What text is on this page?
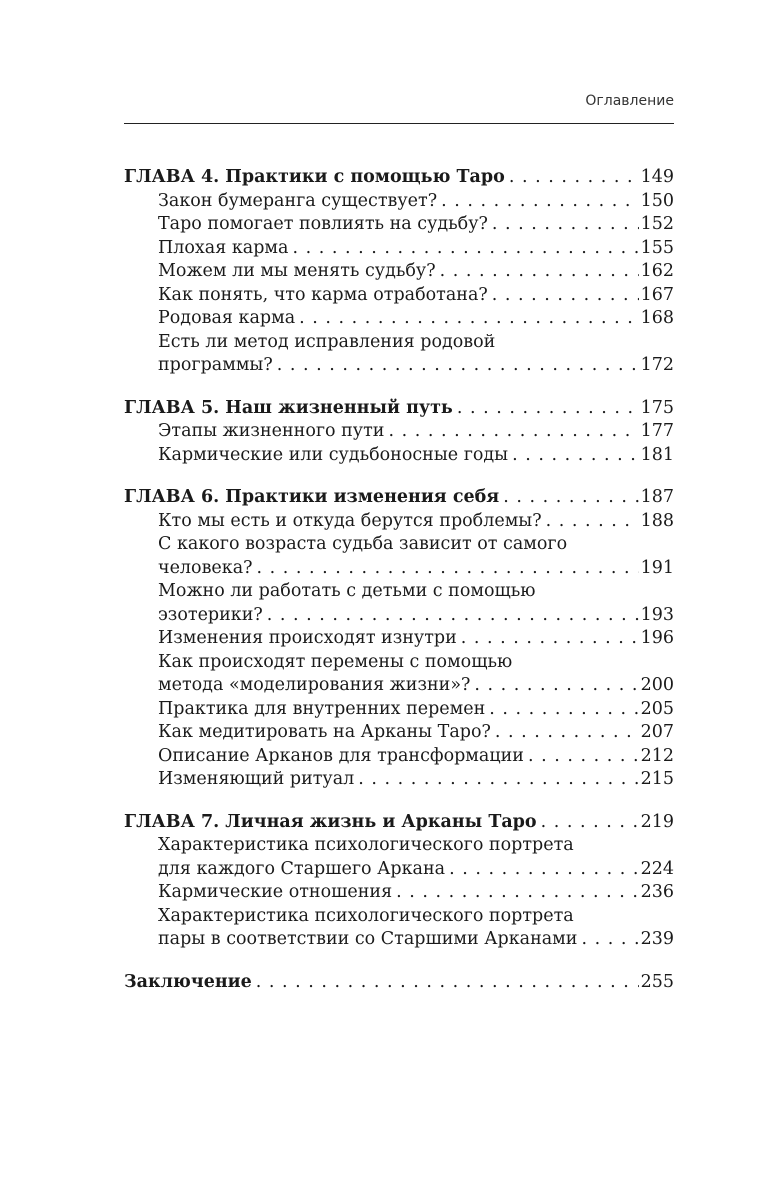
Оглавление
ГЛАВА 4. Практики с помощью Таро . . .	149
Закон бумеранга существует? . . .	150
Таро помогает повлиять на судьбу? . . .	152
Плохая карма . . .	155
Можем ли мы менять судьбу? . . .	162
Как понять, что карма отработана? . . .	167
Родовая карма . . .	168
Есть ли метод исправления родовой
программы? . . .	172
ГЛАВА 5. Наш жизненный путь . . .	175
Этапы жизненного пути . . .	177
Кармические или судьбоносные годы . . .	181
ГЛАВА 6. Практики изменения себя . . .	187
Кто мы есть и откуда берутся проблемы? . . .	188
С какого возраста судьба зависит от самого
человека? . . .	191
Можно ли работать с детьми с помощью
эзотерики? . . .	193
Изменения происходят изнутри . . .	196
Как происходят перемены с помощью
метода «моделирования жизни»? . . .	200
Практика для внутренних перемен . . .	205
Как медитировать на Арканы Таро? . . .	207
Описание Арканов для трансформации . . .	212
Изменяющий ритуал . . .	215
ГЛАВА 7. Личная жизнь и Арканы Таро . . .	219
Характеристика психологического портрета
для каждого Старшего Аркана . . .	224
Кармические отношения . . .	236
Характеристика психологического портрета
пары в соответствии со Старшими Арканами . . .	239
Заключение . . .	255
